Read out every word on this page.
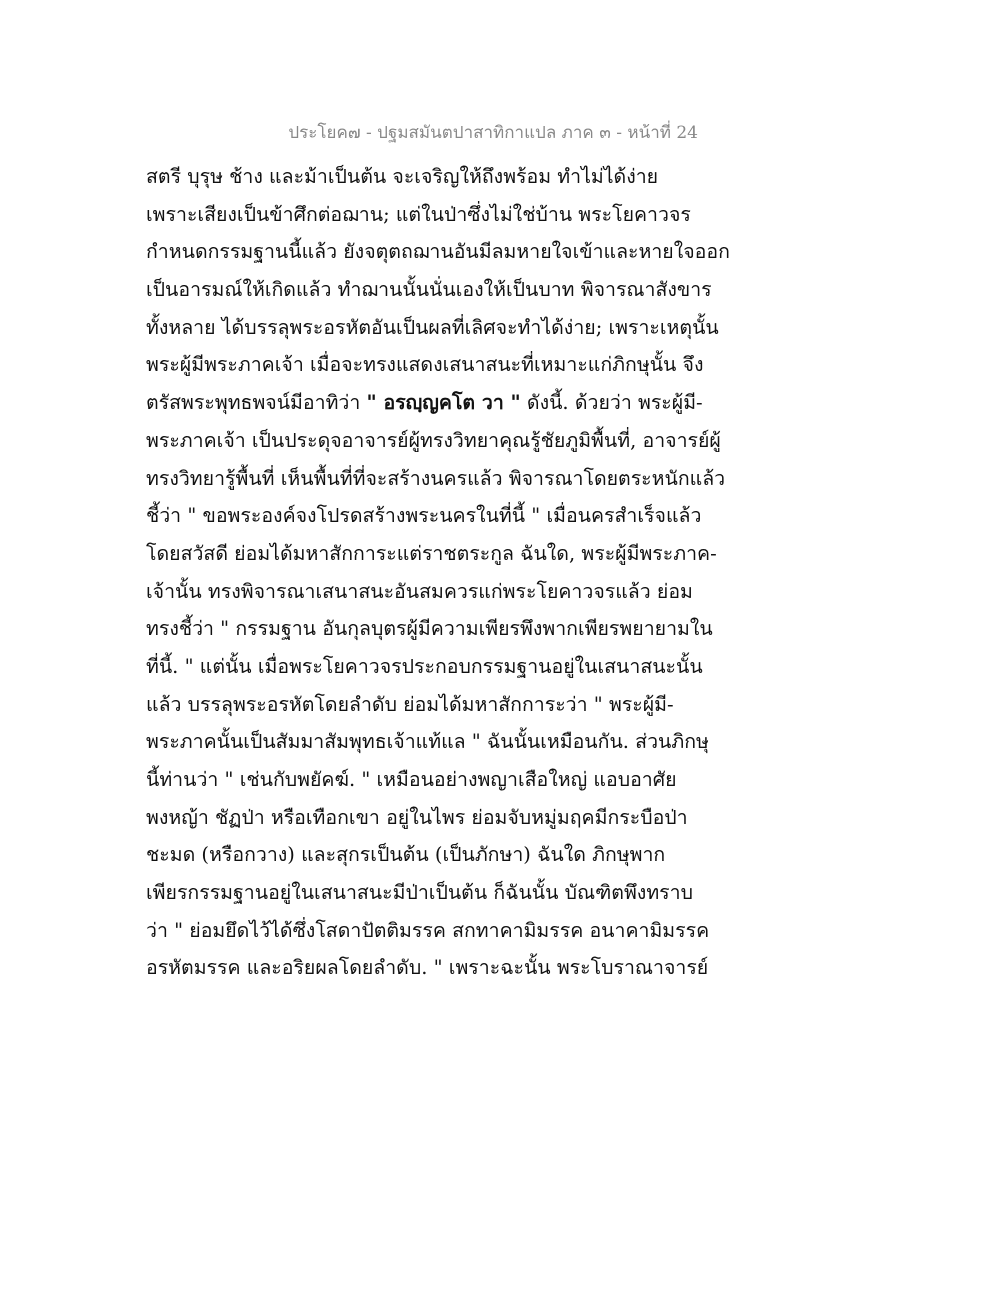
ประโยค๗ - ปฐมสมันตปาสาทิกาแปล ภาค ๓ - หน้าที่ 24
สตรี บุรุษ ช้าง และม้าเป็นต้น จะเจริญให้ถึงพร้อม ทำไม่ได้ง่าย
เพราะเสียงเป็นข้าศึกต่อฌาน; แต่ในป่าซึ่งไม่ใช่บ้าน พระโยคาวจร
กำหนดกรรมฐานนี้แล้ว ยังจตุตถฌานอันมีลมหายใจเข้าและหายใจออก
เป็นอารมณ์ให้เกิดแล้ว ทำฌานนั้นนั่นเองให้เป็นบาท พิจารณาสังขาร
ทั้งหลาย ได้บรรลุพระอรหัตอันเป็นผลที่เลิศจะทำได้ง่าย; เพราะเหตุนั้น
พระผู้มีพระภาคเจ้า เมื่อจะทรงแสดงเสนาสนะที่เหมาะแก่ภิกษุนั้น จึง
ตรัสพระพุทธพจน์มีอาทิว่า " อรญฺญคโต วา " ดังนี้. ด้วยว่า พระผู้มี-
พระภาคเจ้า เป็นประดุจอาจารย์ผู้ทรงวิทยาคุณรู้ชัยภูมิพื้นที่, อาจารย์ผู้
ทรงวิทยารู้พื้นที่ เห็นพื้นที่ที่จะสร้างนครแล้ว พิจารณาโดยตระหนักแล้ว
ชี้ว่า " ขอพระองค์จงโปรดสร้างพระนครในที่นี้ " เมื่อนครสำเร็จแล้ว
โดยสวัสดี ย่อมได้มหาสักการะแต่ราชตระกูล ฉันใด, พระผู้มีพระภาค-
เจ้านั้น ทรงพิจารณาเสนาสนะอันสมควรแก่พระโยคาวจรแล้ว ย่อม
ทรงชี้ว่า " กรรมฐาน อันกุลบุตรผู้มีความเพียรพึงพากเพียรพยายามใน
ที่นี้. " แต่นั้น เมื่อพระโยคาวจรประกอบกรรมฐานอยู่ในเสนาสนะนั้น
แล้ว บรรลุพระอรหัตโดยลำดับ ย่อมได้มหาสักการะว่า " พระผู้มี-
พระภาคนั้นเป็นสัมมาสัมพุทธเจ้าแท้แล " ฉันนั้นเหมือนกัน. ส่วนภิกษุ
นี้ท่านว่า " เช่นกับพยัคฆ์. " เหมือนอย่างพญาเสือใหญ่ แอบอาศัย
พงหญ้า ชัฏป่า หรือเทือกเขา อยู่ในไพร ย่อมจับหมู่มฤคมีกระบือป่า
ชะมด (หรือกวาง) และสุกรเป็นต้น (เป็นภักษา) ฉันใด ภิกษุพาก
เพียรกรรมฐานอยู่ในเสนาสนะมีป่าเป็นต้น ก็ฉันนั้น บัณฑิตพึงทราบ
ว่า " ย่อมยึดไว้ได้ซึ่งโสดาปัตติมรรค สกทาคามิมรรค อนาคามิมรรค
อรหัตมรรค และอริยผลโดยลำดับ. " เพราะฉะนั้น พระโบราณาจารย์
